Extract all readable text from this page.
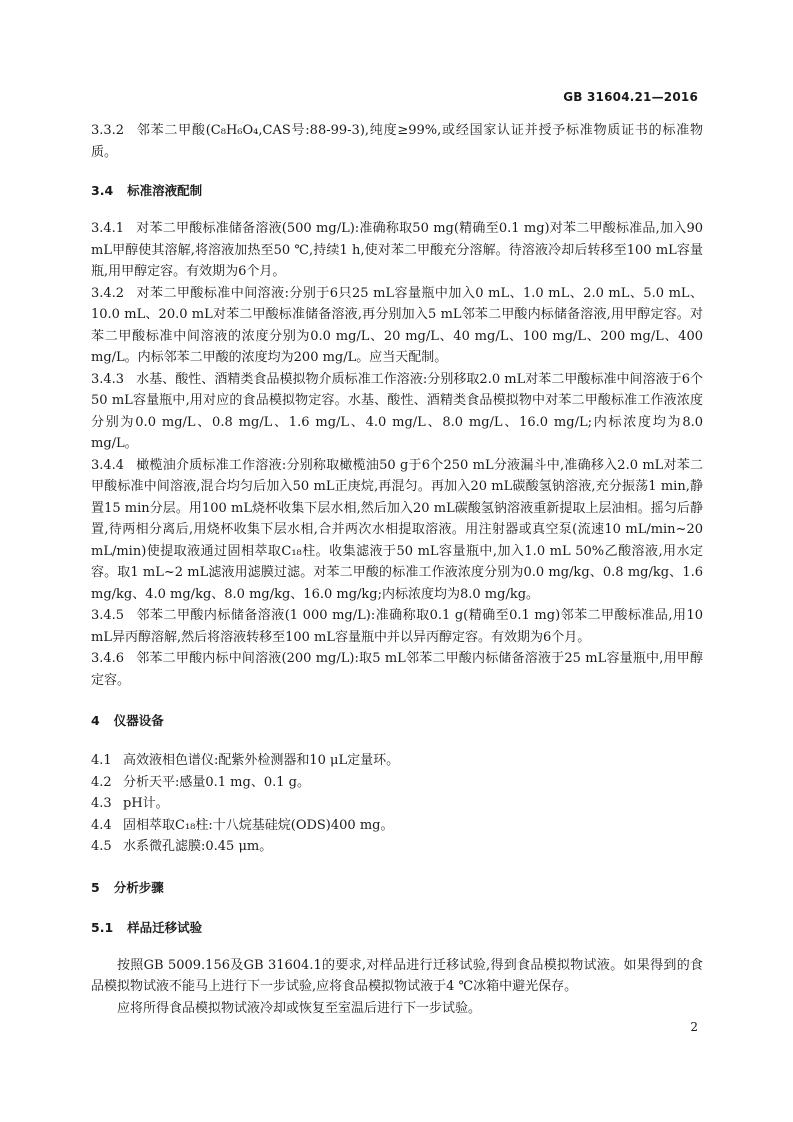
GB 31604.21—2016

3.3.2 邻苯二甲酸(C₈H₆O₄,CAS号:88-99-3),纯度≥99%,或经国家认证并授予标准物质证书的标准物质。

3.4 标准溶液配制

3.4.1 对苯二甲酸标准储备溶液(500 mg/L):准确称取50 mg(精确至0.1 mg)对苯二甲酸标准品,加入90 mL甲醇使其溶解,将溶液加热至50 ℃,持续1 h,使对苯二甲酸充分溶解。待溶液冷却后转移至100 mL容量瓶,用甲醇定容。有效期为6个月。

3.4.2 对苯二甲酸标准中间溶液:分别于6只25 mL容量瓶中加入0 mL、1.0 mL、2.0 mL、5.0 mL、10.0 mL、20.0 mL对苯二甲酸标准储备溶液,再分别加入5 mL邻苯二甲酸内标储备溶液,用甲醇定容。对苯二甲酸标准中间溶液的浓度分别为0.0 mg/L、20 mg/L、40 mg/L、100 mg/L、200 mg/L、400 mg/L。内标邻苯二甲酸的浓度均为200 mg/L。应当天配制。

3.4.3 水基、酸性、酒精类食品模拟物介质标准工作溶液:分别移取2.0 mL对苯二甲酸标准中间溶液于6个50 mL容量瓶中,用对应的食品模拟物定容。水基、酸性、酒精类食品模拟物中对苯二甲酸标准工作液浓度分别为0.0 mg/L、0.8 mg/L、1.6 mg/L、4.0 mg/L、8.0 mg/L、16.0 mg/L;内标浓度均为8.0 mg/L。

3.4.4 橄榄油介质标准工作溶液:分别称取橄榄油50 g于6个250 mL分液漏斗中,准确移入2.0 mL对苯二甲酸标准中间溶液,混合均匀后加入50 mL正庚烷,再混匀。再加入20 mL碳酸氢钠溶液,充分振荡1 min,静置15 min分层。用100 mL烧杯收集下层水相,然后加入20 mL碳酸氢钠溶液重新提取上层油相。摇匀后静置,待两相分离后,用烧杯收集下层水相,合并两次水相提取溶液。用注射器或真空泵(流速10 mL/min~20 mL/min)使提取液通过固相萃取C₁₈柱。收集滤液于50 mL容量瓶中,加入1.0 mL 50%乙酸溶液,用水定容。取1 mL~2 mL滤液用滤膜过滤。对苯二甲酸的标准工作液浓度分别为0.0 mg/kg、0.8 mg/kg、1.6 mg/kg、4.0 mg/kg、8.0 mg/kg、16.0 mg/kg;内标浓度均为8.0 mg/kg。

3.4.5 邻苯二甲酸内标储备溶液(1 000 mg/L):准确称取0.1 g(精确至0.1 mg)邻苯二甲酸标准品,用10 mL异丙醇溶解,然后将溶液转移至100 mL容量瓶中并以异丙醇定容。有效期为6个月。

3.4.6 邻苯二甲酸内标中间溶液(200 mg/L):取5 mL邻苯二甲酸内标储备溶液于25 mL容量瓶中,用甲醇定容。

4 仪器设备

4.1 高效液相色谱仪:配紫外检测器和10 μL定量环。

4.2 分析天平:感量0.1 mg、0.1 g。

4.3 pH计。

4.4 固相萃取C₁₈柱:十八烷基硅烷(ODS)400 mg。

4.5 水系微孔滤膜:0.45 μm。

5 分析步骤

5.1 样品迁移试验

按照GB 5009.156及GB 31604.1的要求,对样品进行迁移试验,得到食品模拟物试液。如果得到的食品模拟物试液不能马上进行下一步试验,应将食品模拟物试液于4 ℃冰箱中避光保存。

应将所得食品模拟物试液冷却或恢复至室温后进行下一步试验。

2
